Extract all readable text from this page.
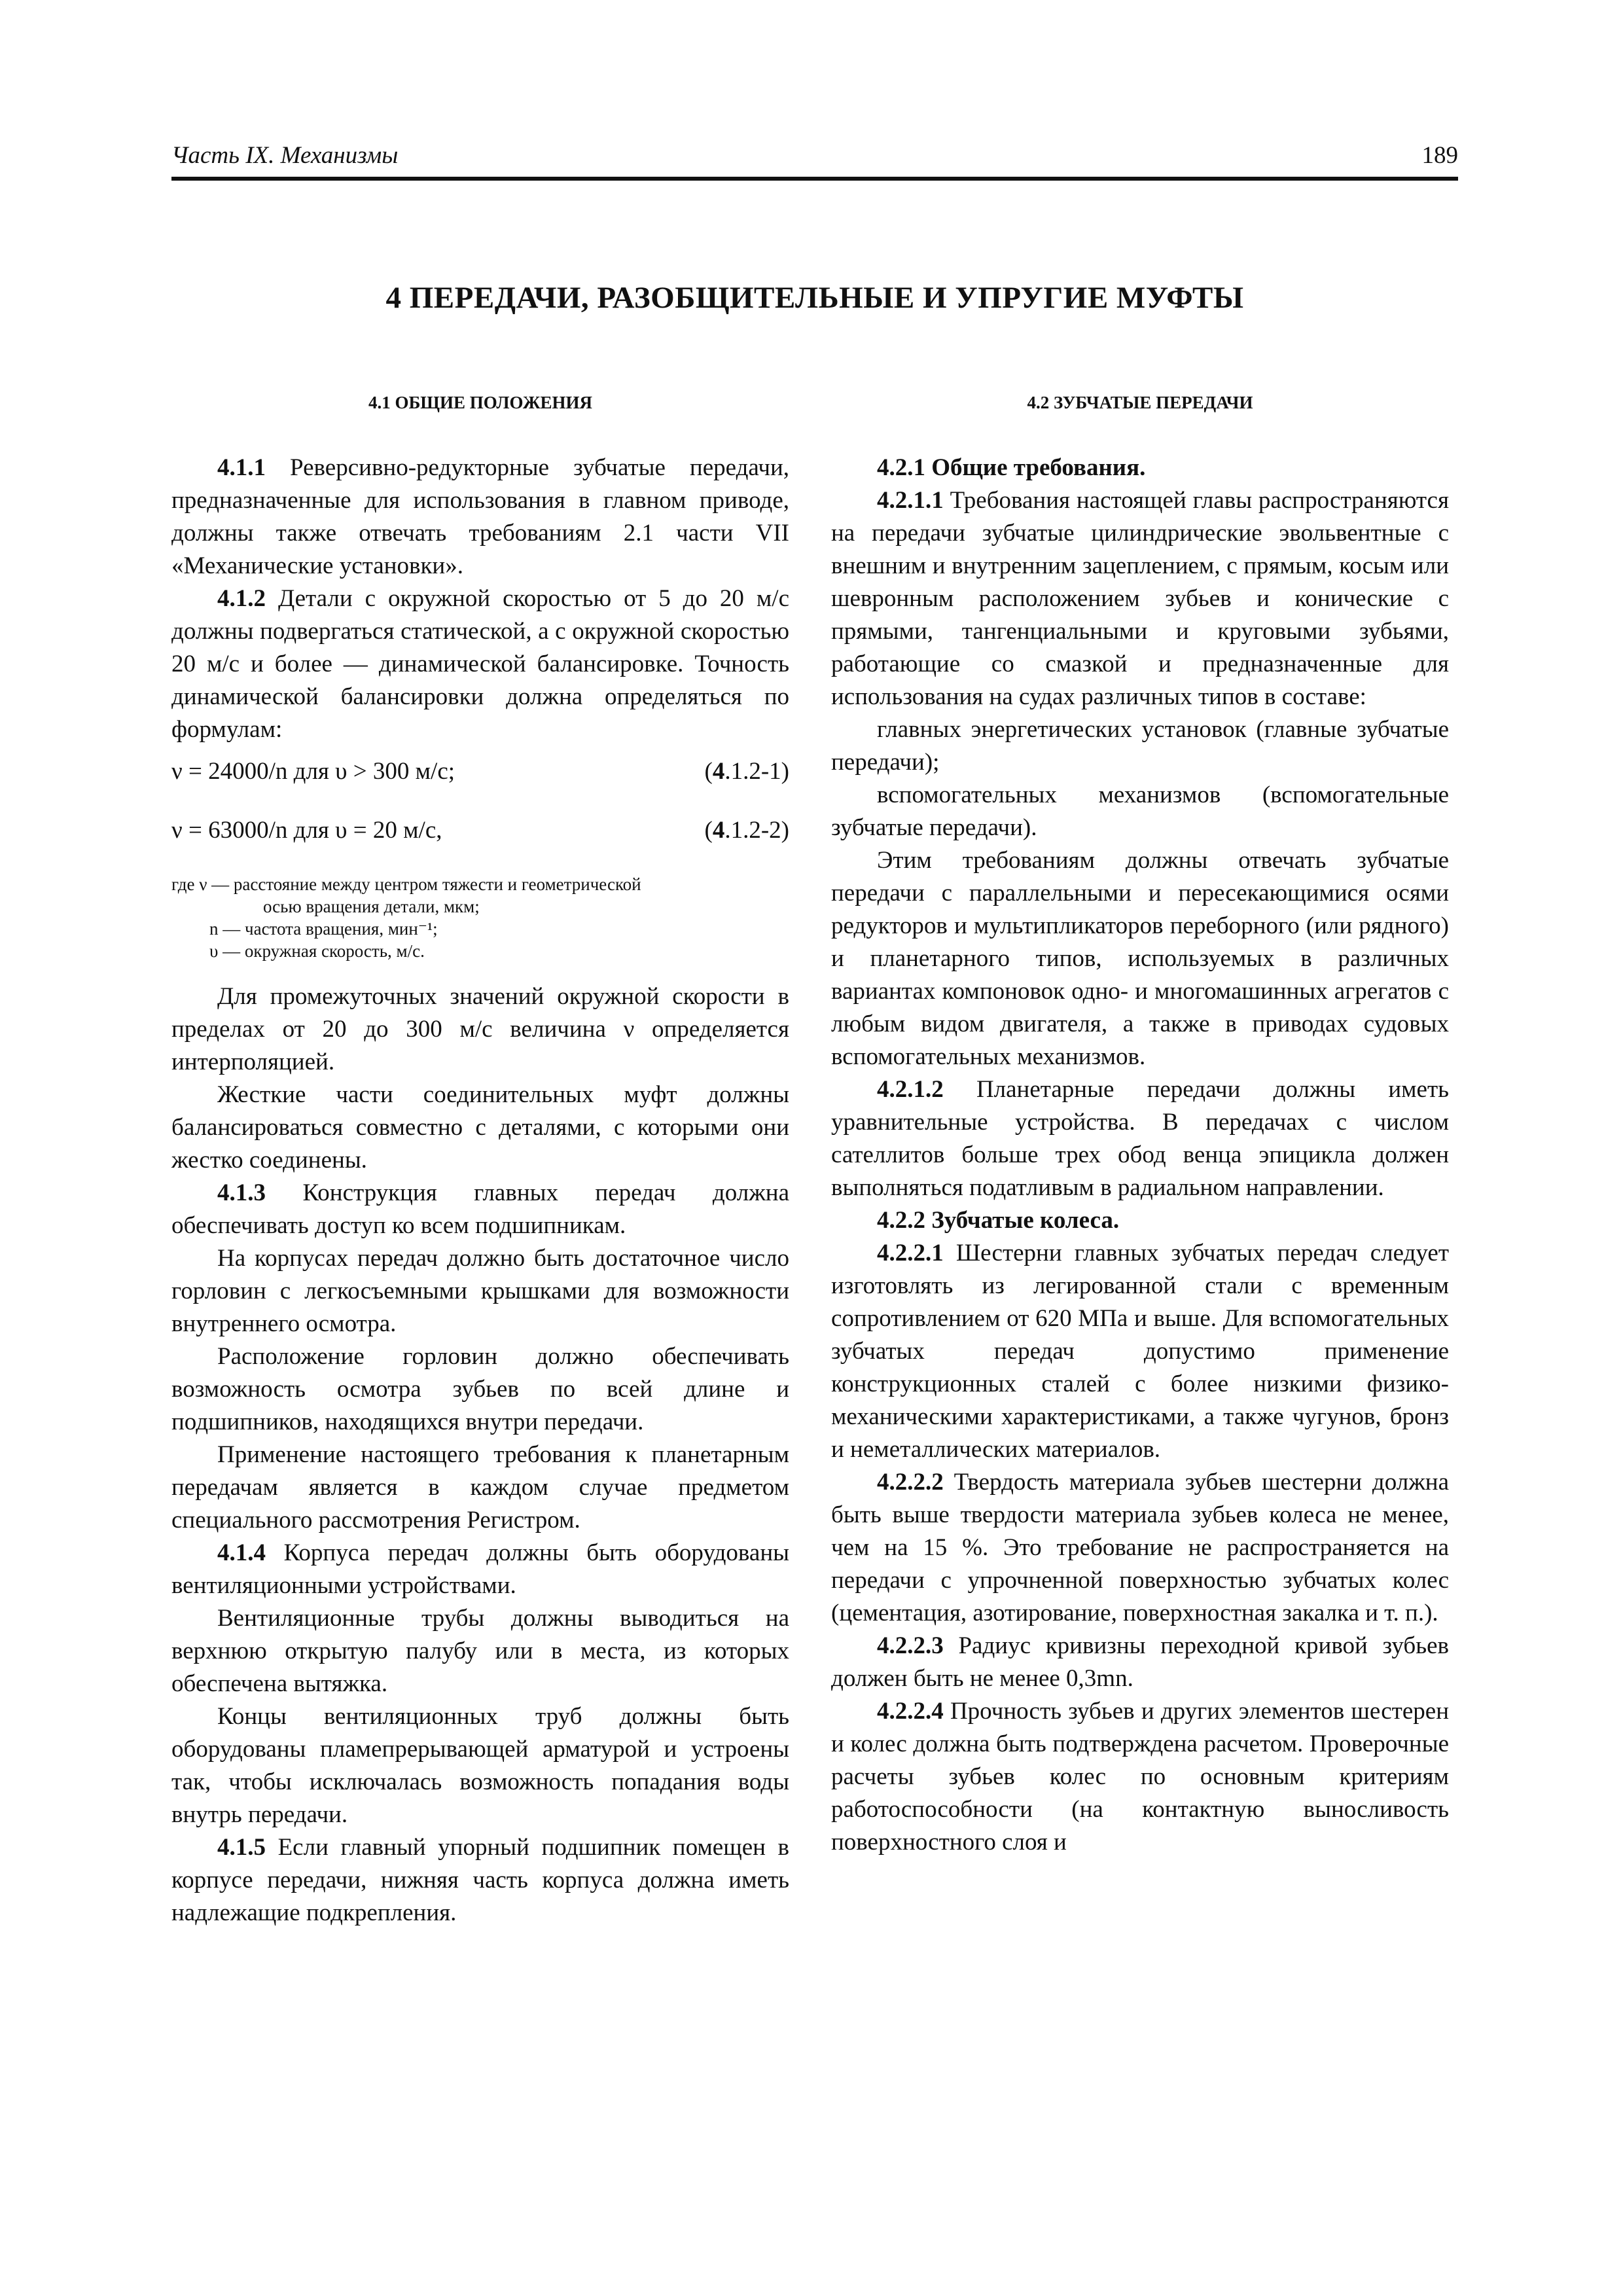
Часть IX. Механизмы	189
4 ПЕРЕДАЧИ, РАЗОБЩИТЕЛЬНЫЕ И УПРУГИЕ МУФТЫ
4.1 ОБЩИЕ ПОЛОЖЕНИЯ

4.1.1 Реверсивно-редукторные зубчатые передачи, предназначенные для использования в главном приводе, должны также отвечать требованиям 2.1 части VII «Механические установки».

4.1.2 Детали с окружной скоростью от 5 до 20 м/с должны подвергаться статической, а с окружной скоростью 20 м/с и более — динамической балансировке. Точность динамической балансировки должна определяться по формулам:

ν = 24000/n для υ > 300 м/с;	(4.1.2-1)
ν = 63000/n для υ = 20 м/с,	(4.1.2-2)
где ν — расстояние между центром тяжести и геометрической
осью вращения детали, мкм;
n — частота вращения, мин⁻¹;
υ — окружная скорость, м/с.

Для промежуточных значений окружной скорости в пределах от 20 до 300 м/с величина ν определяется интерполяцией.

Жесткие части соединительных муфт должны балансироваться совместно с деталями, с которыми они жестко соединены.

4.1.3 Конструкция главных передач должна обеспечивать доступ ко всем подшипникам.

На корпусах передач должно быть достаточное число горловин с легкосъемными крышками для возможности внутреннего осмотра.

Расположение горловин должно обеспечивать возможность осмотра зубьев по всей длине и подшипников, находящихся внутри передачи.

Применение настоящего требования к планетарным передачам является в каждом случае предметом специального рассмотрения Регистром.

4.1.4 Корпуса передач должны быть оборудованы вентиляционными устройствами.

Вентиляционные трубы должны выводиться на верхнюю открытую палубу или в места, из которых обеспечена вытяжка.

Концы вентиляционных труб должны быть оборудованы пламепрерывающей арматурой и устроены так, чтобы исключалась возможность попадания воды внутрь передачи.

4.1.5 Если главный упорный подшипник помещен в корпусе передачи, нижняя часть корпуса должна иметь надлежащие подкрепления.

4.2 ЗУБЧАТЫЕ ПЕРЕДАЧИ

4.2.1 Общие требования.

4.2.1.1 Требования настоящей главы распространяются на передачи зубчатые цилиндрические эвольвентные с внешним и внутренним зацеплением, с прямым, косым или шевронным расположением зубьев и конические с прямыми, тангенциальными и круговыми зубьями, работающие со смазкой и предназначенные для использования на судах различных типов в составе:

главных энергетических установок (главные зубчатые передачи);

вспомогательных механизмов (вспомогательные зубчатые передачи).

Этим требованиям должны отвечать зубчатые передачи с параллельными и пересекающимися осями редукторов и мультипликаторов переборного (или рядного) и планетарного типов, используемых в различных вариантах компоновок одно- и многомашинных агрегатов с любым видом двигателя, а также в приводах судовых вспомогательных механизмов.

4.2.1.2 Планетарные передачи должны иметь уравнительные устройства. В передачах с числом сателлитов больше трех обод венца эпицикла должен выполняться податливым в радиальном направлении.

4.2.2 Зубчатые колеса.

4.2.2.1 Шестерни главных зубчатых передач следует изготовлять из легированной стали с временным сопротивлением от 620 МПа и выше. Для вспомогательных зубчатых передач допустимо применение конструкционных сталей с более низкими физико-механическими характеристиками, а также чугунов, бронз и неметаллических материалов.

4.2.2.2 Твердость материала зубьев шестерни должна быть выше твердости материала зубьев колеса не менее, чем на 15 %. Это требование не распространяется на передачи с упрочненной поверхностью зубчатых колес (цементация, азотирование, поверхностная закалка и т. п.).

4.2.2.3 Радиус кривизны переходной кривой зубьев должен быть не менее 0,3mn.

4.2.2.4 Прочность зубьев и других элементов шестерен и колес должна быть подтверждена расчетом. Проверочные расчеты зубьев колес по основным критериям работоспособности (на контактную выносливость поверхностного слоя и
